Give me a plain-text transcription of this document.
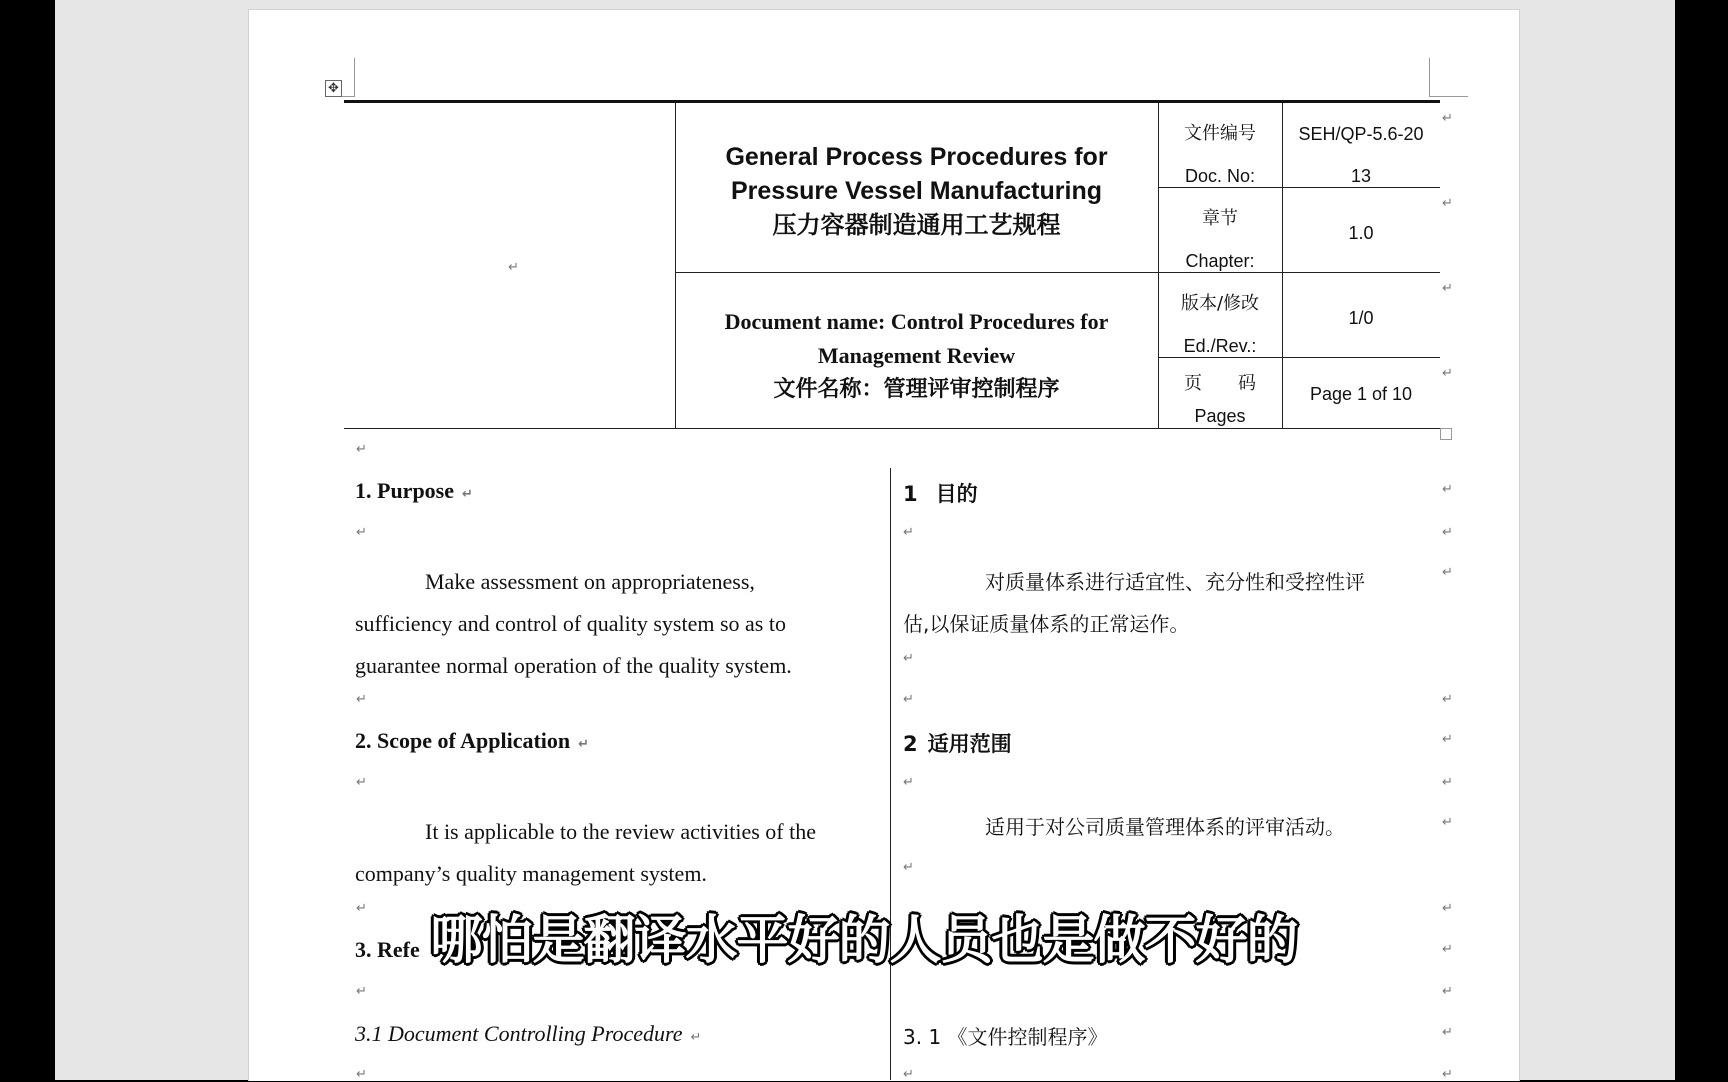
✥
↵
General Process Procedures for
Pressure Vessel Manufacturing
压力容器制造通用工艺规程
Document name: Control Procedures for
Management Review
文件名称：管理评审控制程序
文件编号
Doc. No:
章节
Chapter:
版本/修改
Ed./Rev.:
页　　码
Pages
SEH/QP-5.6-20
13
1.0
1/0
Page 1 of 10
↵
↵
↵
↵
↵
1. Purpose ↵
↵
Make assessment on appropriateness,
sufficiency and control of quality system so as to
guarantee normal operation of the quality system.
↵
2. Scope of Application ↵
↵
It is applicable to the review activities of the
company’s quality management system.
↵
3. Refe
↵
3.1 Document Controlling Procedure ↵
↵
1 目的
↵
对质量体系进行适宜性、充分性和受控性评
估,以保证质量体系的正常运作。
↵
↵
2 适用范围
↵
适用于对公司质量管理体系的评审活动。
↵
3. 1 《文件控制程序》
↵
↵
↵
↵
↵
↵
↵
↵
↵
↵
↵
↵
↵
哪怕是翻译水平好的人员也是做不好的
